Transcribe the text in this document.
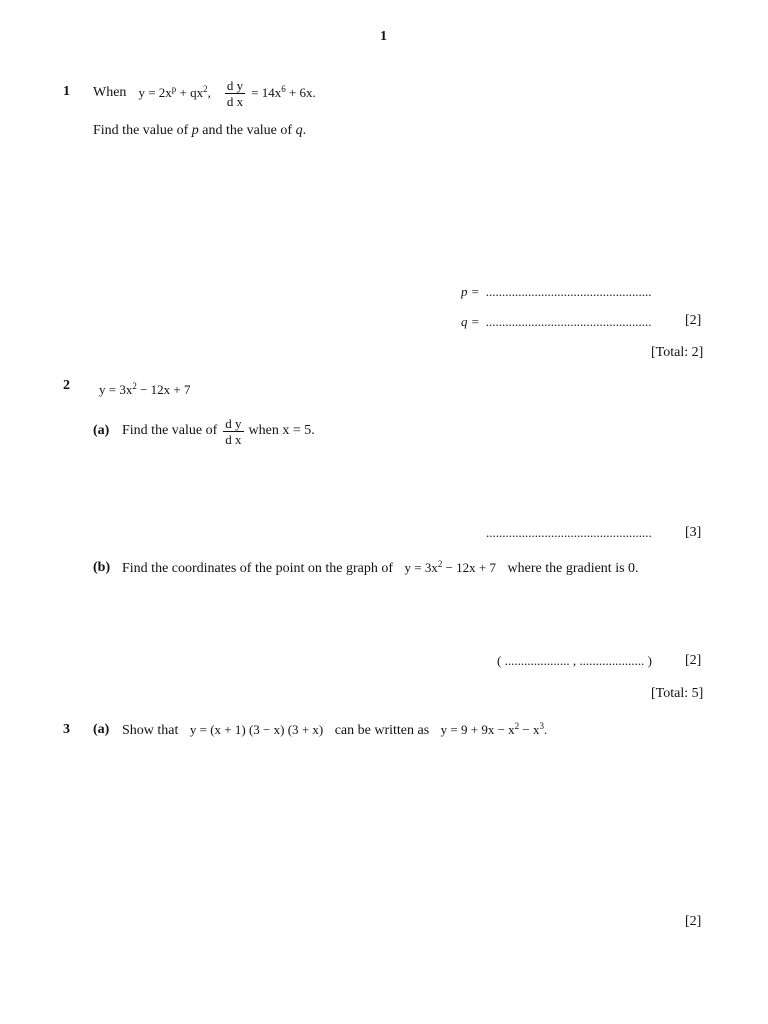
1
1 When $y = 2x^p + qx^2$, $\frac{\text{d y}}{\text{d x}} = 14x^6 + 6x$.
Find the value of p and the value of q.
p = ...................................................
q = ................................................... [2]
[Total: 2]
2 $y = 3x^2 - 12x + 7$
(a) Find the value of $\frac{\text{d y}}{\text{d x}}$ when x = 5.
................................................... [3]
(b) Find the coordinates of the point on the graph of $y = 3x^2 - 12x + 7$ where the gradient is 0.
( .................... , .................... ) [2]
[Total: 5]
3 (a) Show that y = (x + 1) (3 − x) (3 + x) can be written as $y = 9 + 9x - x^2 - x^3$.
[2]
